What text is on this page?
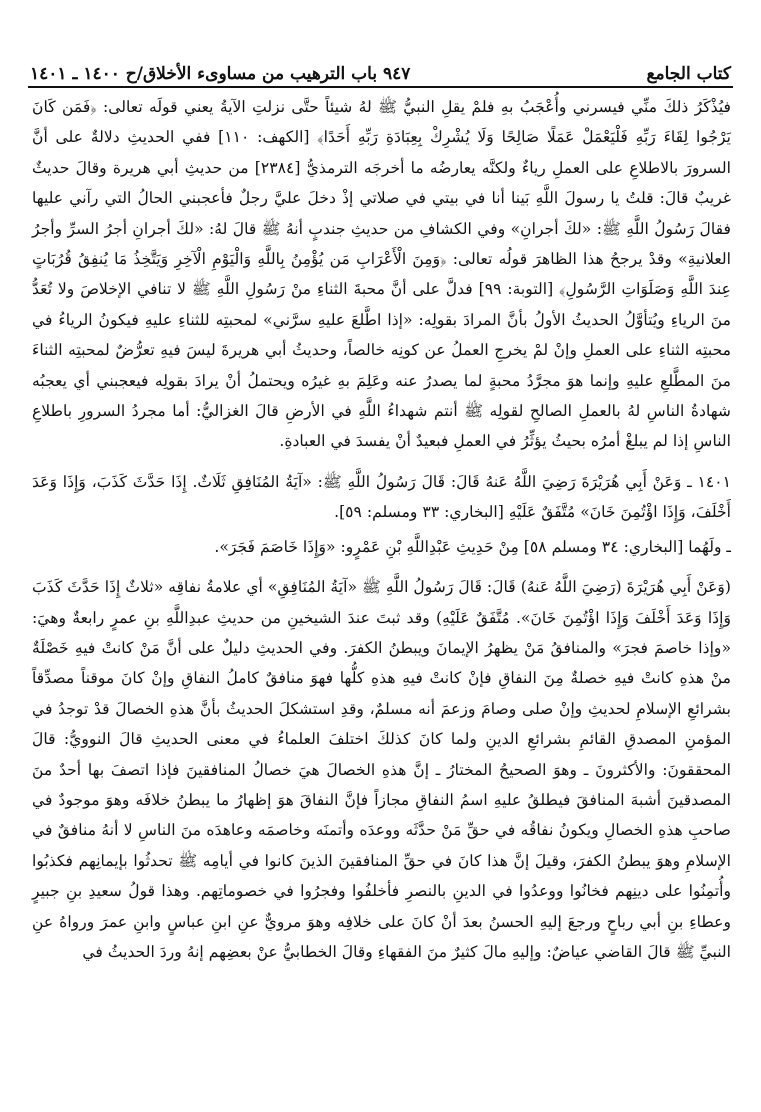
كتاب الجامع
٩٤٧ باب الترهيب من مساوىء الأخلاق/ح ١٤٠٠ ـ ١٤٠١

فيُذْكَرُ ذلكَ منِّي فيسرني وأُعْجَبُ بهِ فلمْ يقلِ النبيُّ ﷺ لهُ شيئاً حتَّى نزلتِ الآيةُ يعني قولَه تعالى: ﴿فَمَن كَانَ يَرْجُوا لِقَاءَ رَبِّهِ فَلْيَعْمَلْ عَمَلًا صَالِحًا وَلَا يُشْرِكْ بِعِبَادَةِ رَبِّهِ أَحَدًا﴾ [الكهف: ١١٠] ففي الحديثِ دلالةٌ على أنَّ السرورَ بالاطلاعِ على العملِ رياءٌ ولكنَّه يعارضُه ما أخرجَه الترمذيُّ [٢٣٨٤] من حديثِ أبي هريرة وقالَ حديثٌ غريبٌ قالَ: قلتُ يا رسولَ اللَّهِ بَينا أنا في بيتي في صلاتي إذْ دخلَ عليَّ رجلٌ فأعجبني الحالُ التي رآني عليها فقالَ رَسُولُ اللَّهِ ﷺ: «لكَ أجرانِ» وفي الكشافِ من حديثِ جندبٍ أنهُ ﷺ قالَ لهُ: «لكَ أجرانِ أجرُ السرِّ وأجرُ العلانيةِ» وقدْ يرجحُ هذا الظاهرَ قولُه تعالى: ﴿وَمِنَ الْأَعْرَابِ مَن يُؤْمِنُ بِاللَّهِ وَالْيَوْمِ الْآخِرِ وَيَتَّخِذُ مَا يُنفِقُ قُرُبَاتٍ عِندَ اللَّهِ وَصَلَوَاتِ الرَّسُولِ﴾ [التوبة: ٩٩] فدلَّ على أنَّ محبةَ الثناءِ منْ رَسُولِ اللَّهِ ﷺ لا تنافي الإخلاصَ ولا تُعَدُّ منَ الرياءِ ويُتأوَّلُ الحديثُ الأولُ بأنَّ المرادَ بقولِه: «إذا اطَّلعَ عليهِ سرَّني» لمحبتِه للثناءِ عليهِ فيكونُ الرياءُ في محبتِه الثناءِ على العملِ وإنْ لمْ يخرجِ العملُ عن كونِه خالصاً، وحديثُ أبي هريرةَ ليسَ فيهِ تعرُّضٌ لمحبتِه الثناءَ منَ المطَّلعِ عليهِ وإنما هوَ مجرَّدُ محبةٍ لما يصدرُ عنه وعَلِمَ بهِ غيرُه ويحتملُ أنْ يرادَ بقولِه فيعجبني أي يعجبُه شهادةُ الناسِ لهُ بالعملِ الصالحِ لقولِه ﷺ أنتم شهداءُ اللَّهِ في الأرضِ قالَ الغزاليُّ: أما مجردُ السرورِ باطلاعِ الناسِ إذا لم يبلغْ أمرُه بحيثُ يؤثِّرُ في العملِ فبعيدٌ أنْ يفسدَ في العبادةِ.

١٤٠١ ـ وَعَنْ أَبِي هُرَيْرَةَ رَضِيَ اللَّهُ عَنهُ قَالَ: قَالَ رَسُولُ اللَّهِ ﷺ: «آيَةُ المُنَافِقِ ثَلَاثٌ. إِذَا حَدَّثَ كَذَبَ، وَإِذَا وَعَدَ أَخْلَفَ، وَإِذَا اؤْتُمِنَ خَانَ» مُتَّفَقٌ عَلَيْهِ [البخاري: ٣٣ ومسلم: ٥٩].

ـ ولَهُما [البخاري: ٣٤ ومسلم ٥٨] مِنْ حَدِيثِ عَبْدِاللَّهِ بْنِ عَمْرٍو: «وَإِذَا خَاصَمَ فَجَرَ».

(وَعَنْ أَبِي هُرَيْرَةَ (رَضِيَ اللَّهُ عَنهُ) قَالَ: قَالَ رَسُولُ اللَّهِ ﷺ «آيَةُ المُنَافِقِ» أي علامةُ نفاقِه «ثلاثٌ إِذَا حَدَّثَ كَذَبَ وَإِذَا وَعَدَ أَخْلَفَ وَإِذَا اؤْتُمِنَ خَانَ». مُتَّفَقٌ عَلَيْهِ) وقد ثبتَ عندَ الشيخينِ من حديثِ عبدِاللَّهِ بنِ عمرٍ رابعةٌ وهيَ: «وإذا خاصمَ فجرَ» والمنافقُ مَنْ يظهرُ الإيمانَ ويبطنُ الكفرَ. وفي الحديثِ دليلٌ على أنَّ مَنْ كانتْ فيهِ خَصْلَةٌ منْ هذهِ كانتْ فيهِ خصلةٌ مِنَ النفاقِ فإنْ كانتْ فيهِ هذهِ كلُّها فهوَ منافقٌ كاملُ النفاقِ وإنْ كانَ موقناً مصدِّقاً بشرائعِ الإسلامِ لحديثِ وإنْ صلى وصامَ وزعمَ أنه مسلمٌ، وقدِ استشكلَ الحديثُ بأنَّ هذهِ الخصالَ قدْ توجدُ في المؤمنِ المصدقِ القائمِ بشرائعِ الدينِ ولما كانَ كذلكَ اختلفَ العلماءُ في معنى الحديثِ قالَ النوويُّ: قالَ المحققونَ: والأكثرونَ ـ وهوَ الصحيحُ المختارُ ـ إنَّ هذهِ الخصالَ هيَ خصالُ المنافقينَ فإذا اتصفَ بها أحدٌ منَ المصدقينَ أشبهَ المنافقَ فيطلقُ عليهِ اسمُ النفاقِ مجازاً فإنَّ النفاقَ هوَ إظهارُ ما يبطنُ خلافَه وهوَ موجودٌ في صاحبِ هذهِ الخصالِ ويكونُ نفاقُه في حقِّ مَنْ حدَّثَه ووعدَه وأتمنَه وخاصمَه وعاهدَه منَ الناسِ لا أنهُ منافقٌ في الإسلامِ وهوَ يبطنُ الكفرَ، وقيلَ إنَّ هذا كانَ في حقِّ المنافقينَ الذينَ كانوا في أيامِه ﷺ تحدثُوا بإيمانِهم فكذبُوا وأُتمِنُوا على دينِهم فخانُوا ووعدُوا في الدينِ بالنصرِ فأخلفُوا وفجرُوا في خصوماتِهم. وهذا قولُ سعيدِ بنِ جبيرٍ وعطاءِ بنِ أبي رباحٍ ورجعَ إليهِ الحسنُ بعدَ أنْ كانَ على خلافِه وهوَ مرويٌّ عنِ ابنِ عباسٍ وابنِ عمرَ ورواهُ عنِ النبيِّ ﷺ قالَ القاضي عياضٌ: وإليهِ مالَ كثيرٌ منَ الفقهاءِ وقالَ الخطابيُّ عنْ بعضِهم إنهُ وردَ الحديثُ في
